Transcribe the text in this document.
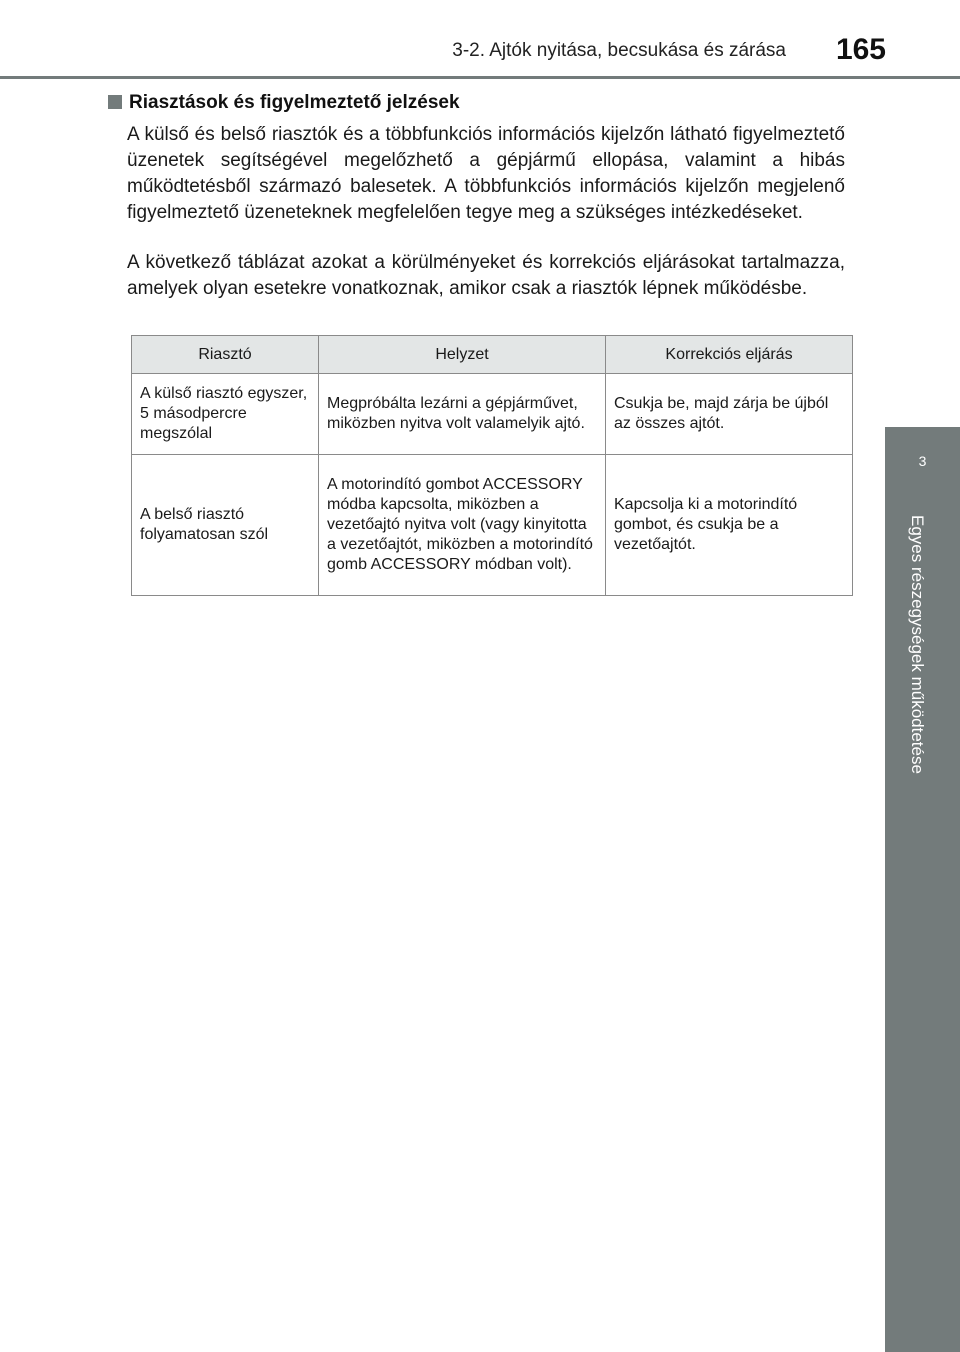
3-2. Ajtók nyitása, becsukása és zárása 165
3
Egyes részegységek működtetése
Riasztások és figyelmeztető jelzések

A külső és belső riasztók és a többfunkciós információs kijelzőn látható figyelmeztető üzenetek segítségével megelőzhető a gépjármű ellopása, valamint a hibás működtetésből származó balesetek. A többfunkciós információs kijelzőn megjelenő figyelmeztető üzeneteknek megfelelően tegye meg a szükséges intézkedéseket.

A következő táblázat azokat a körülményeket és korrekciós eljárásokat tartalmazza, amelyek olyan esetekre vonatkoznak, amikor csak a riasztók lépnek működésbe.

Riasztó	Helyzet	Korrekciós eljárás
A külső riasztó egyszer, 5 másodpercre megszólal	Megpróbálta lezárni a gépjárművet, miközben nyitva volt valamelyik ajtó.	Csukja be, majd zárja be újból az összes ajtót.
A belső riasztó folyamatosan szól	A motorindító gombot ACCESSORY módba kapcsolta, miközben a vezetőajtó nyitva volt (vagy kinyitotta a vezetőajtót, miközben a motorindító gomb ACCESSORY módban volt).	Kapcsolja ki a motorindító gombot, és csukja be a vezetőajtót.
